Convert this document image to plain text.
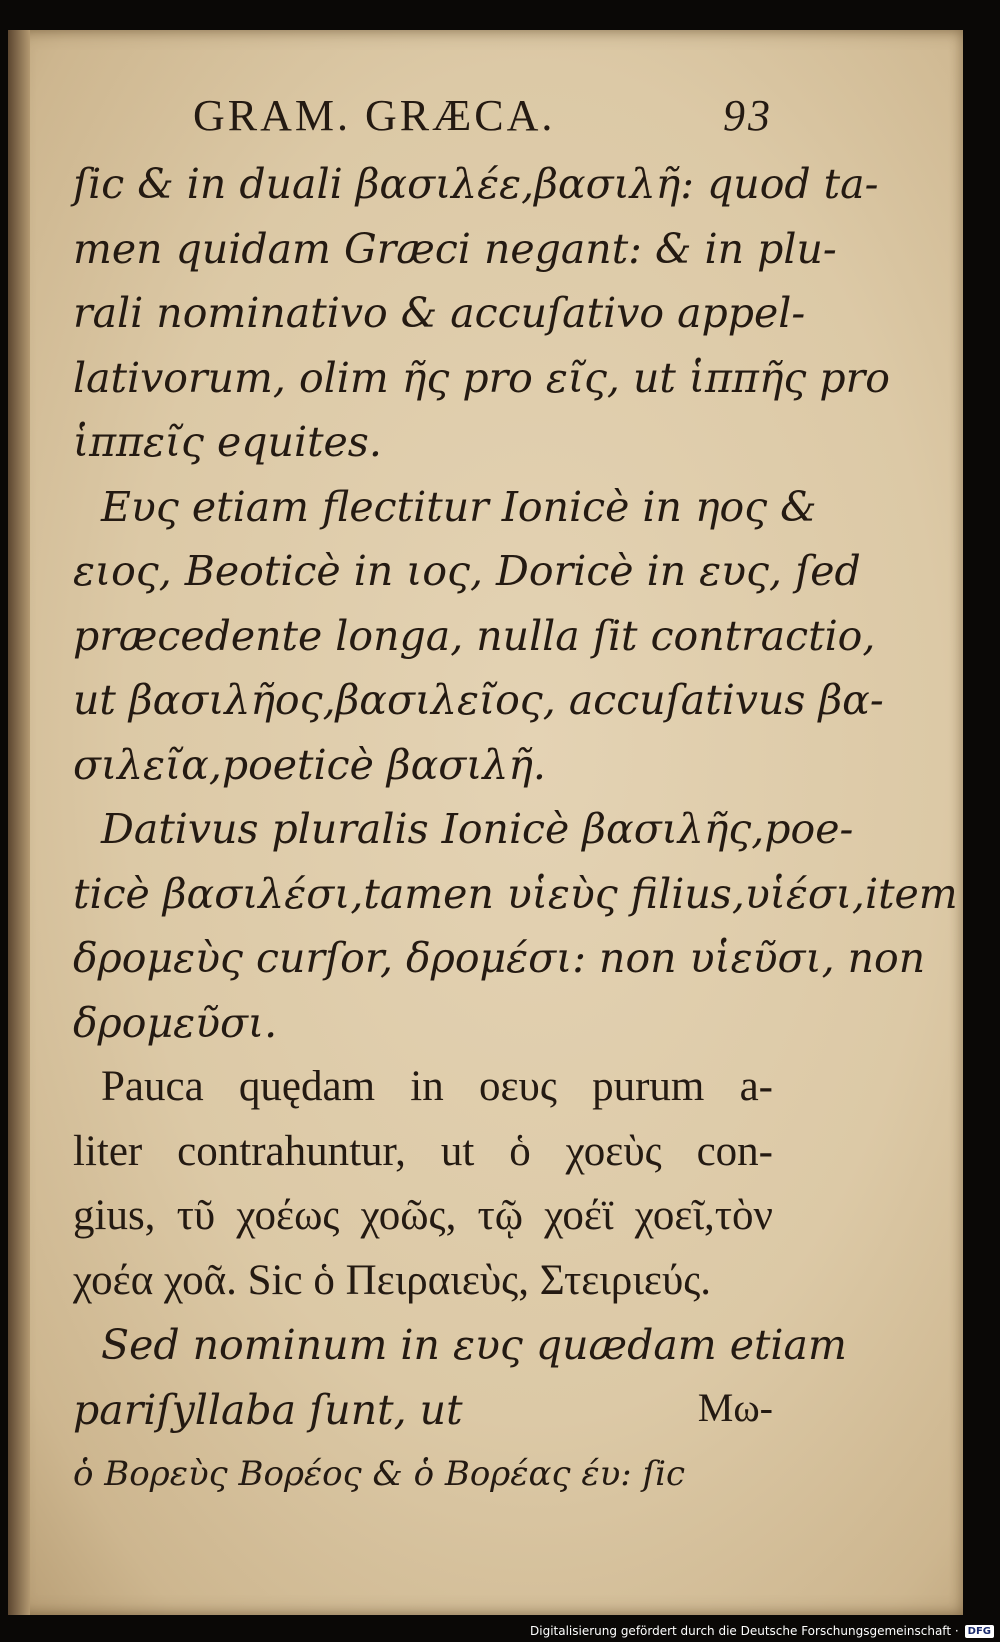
GRAM. GRÆCA.	93
ſic & in duali βασιλέε,βασιλῆ: quod ta-
men quidam Græci negant: & in plu-
rali nominativo & accuſativo appel-
lativorum, olim ῆς pro εῖς, ut ἱππῆς pro
ἱππεῖς equites.
Ευς etiam flectitur Ionicè in ηος &
ειος, Beoticè in ιος, Doricè in ευς, ſed
præcedente longa, nulla ſit contractio,
ut βασιλῆος,βασιλεῖος, accuſativus βα-
σιλεῖα,poeticè βασιλῆ.
Dativus pluralis Ionicè βασιλῆς,poe-
ticè βασιλέσι,tamen υἱεὺς filius,υἱέσι,item
δρομεὺς curſor, δρομέσι: non υἱεῦσι, non
δρομεῦσι.
Pauca quędam in οευς purum a-
liter contrahuntur, ut ὁ χοεὺς con-
gius, τῦ χοέως χοῶς, τῷ χοέϊ χοεῖ,τὸν
χοέα χοᾶ. Sic ὁ Πειραιεὺς, Στειριεύς.
Sed nominum in ευς quædam etiam
pariſyllaba ſunt, ut
ὁ Βορεὺς Βορέος & ὁ Βορέας έυ: ſic
Μω-
Digitalisierung gefördert durch die Deutsche Forschungsgemeinschaft · DFG
